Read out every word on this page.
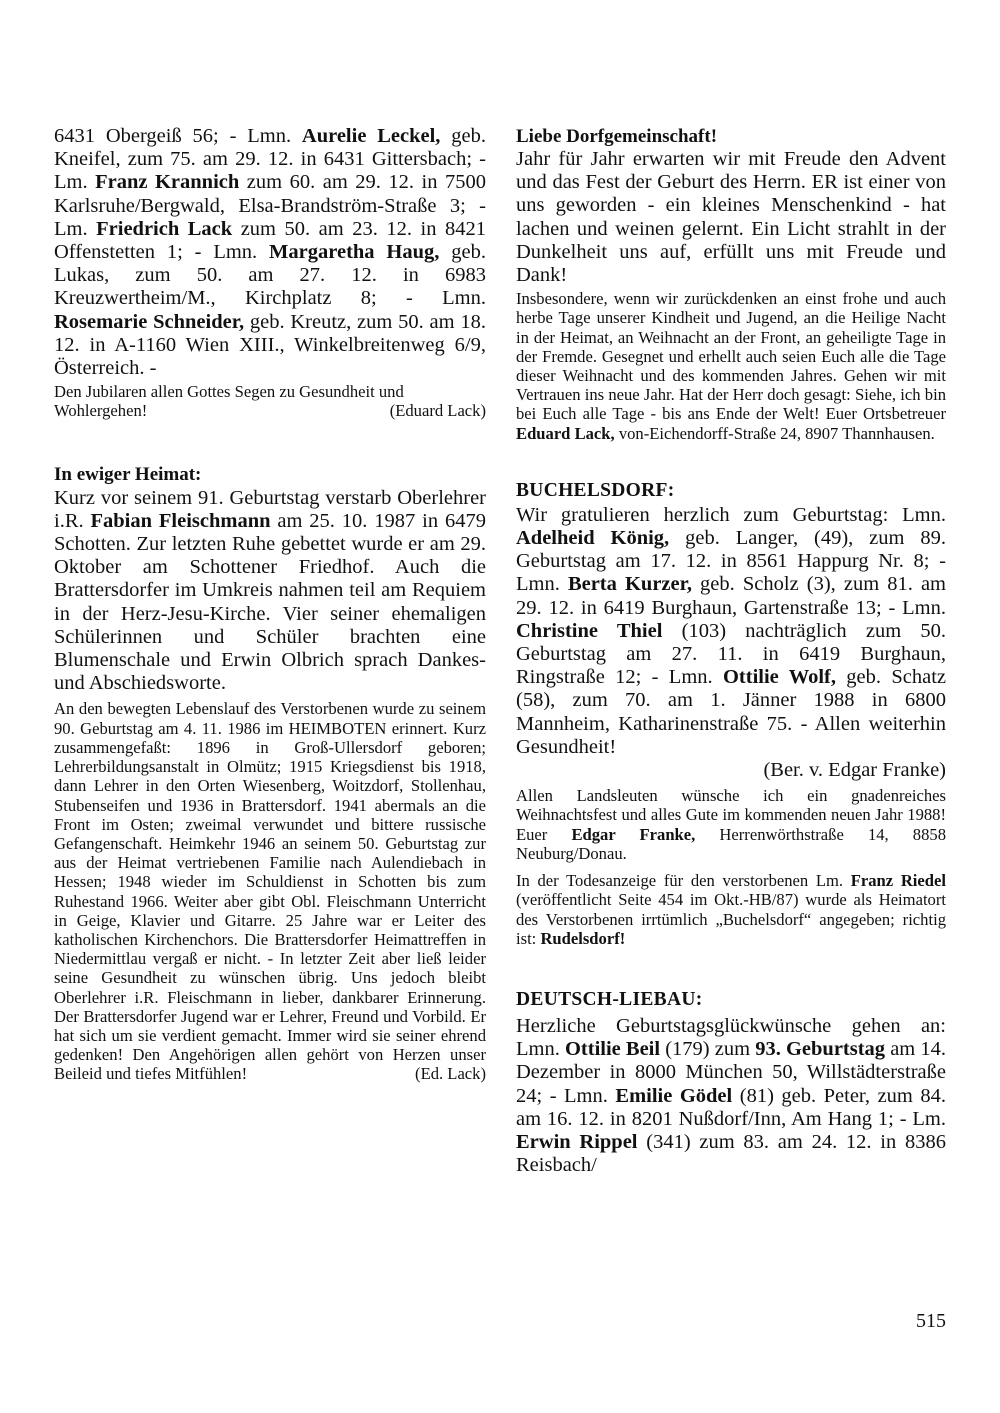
6431 Obergeiß 56; - Lmn. Aurelie Leckel, geb. Kneifel, zum 75. am 29. 12. in 6431 Gittersbach; - Lm. Franz Krannich zum 60. am 29. 12. in 7500 Karlsruhe/Bergwald, Elsa-Brandström-Straße 3; - Lm. Friedrich Lack zum 50. am 23. 12. in 8421 Offenstetten 1; - Lmn. Margaretha Haug, geb. Lukas, zum 50. am 27. 12. in 6983 Kreuzwertheim/M., Kirchplatz 8; - Lmn. Rosemarie Schneider, geb. Kreutz, zum 50. am 18. 12. in A-1160 Wien XIII., Winkelbreitenweg 6/9, Österreich. -

Den Jubilaren allen Gottes Segen zu Gesundheit und Wohlergehen!	(Eduard Lack)

In ewiger Heimat:

Kurz vor seinem 91. Geburtstag verstarb Oberlehrer i.R. Fabian Fleischmann am 25. 10. 1987 in 6479 Schotten. Zur letzten Ruhe gebettet wurde er am 29. Oktober am Schottener Friedhof. Auch die Brattersdorfer im Umkreis nahmen teil am Requiem in der Herz-Jesu-Kirche. Vier seiner ehemaligen Schülerinnen und Schüler brachten eine Blumenschale und Erwin Olbrich sprach Dankes- und Abschiedsworte.

An den bewegten Lebenslauf des Verstorbenen wurde zu seinem 90. Geburtstag am 4. 11. 1986 im HEIMBOTEN erinnert. Kurz zusammengefaßt: 1896 in Groß-Ullersdorf geboren; Lehrerbildungsanstalt in Olmütz; 1915 Kriegsdienst bis 1918, dann Lehrer in den Orten Wiesenberg, Woitzdorf, Stollenhau, Stubenseifen und 1936 in Brattersdorf. 1941 abermals an die Front im Osten; zweimal verwundet und bittere russische Gefangenschaft. Heimkehr 1946 an seinem 50. Geburtstag zur aus der Heimat vertriebenen Familie nach Aulendiebach in Hessen; 1948 wieder im Schuldienst in Schotten bis zum Ruhestand 1966. Weiter aber gibt Obl. Fleischmann Unterricht in Geige, Klavier und Gitarre. 25 Jahre war er Leiter des katholischen Kirchenchors. Die Brattersdorfer Heimattreffen in Niedermittlau vergaß er nicht. - In letzter Zeit aber ließ leider seine Gesundheit zu wünschen übrig. Uns jedoch bleibt Oberlehrer i.R. Fleischmann in lieber, dankbarer Erinnerung. Der Brattersdorfer Jugend war er Lehrer, Freund und Vorbild. Er hat sich um sie verdient gemacht. Immer wird sie seiner ehrend gedenken! Den Angehörigen allen gehört von Herzen unser Beileid und tiefes Mitfühlen!	(Ed. Lack)

Liebe Dorfgemeinschaft!

Jahr für Jahr erwarten wir mit Freude den Advent und das Fest der Geburt des Herrn. ER ist einer von uns geworden - ein kleines Menschenkind - hat lachen und weinen gelernt. Ein Licht strahlt in der Dunkelheit uns auf, erfüllt uns mit Freude und Dank!

Insbesondere, wenn wir zurückdenken an einst frohe und auch herbe Tage unserer Kindheit und Jugend, an die Heilige Nacht in der Heimat, an Weihnacht an der Front, an geheiligte Tage in der Fremde. Gesegnet und erhellt auch seien Euch alle die Tage dieser Weihnacht und des kommenden Jahres. Gehen wir mit Vertrauen ins neue Jahr. Hat der Herr doch gesagt: Siehe, ich bin bei Euch alle Tage - bis ans Ende der Welt! Euer Ortsbetreuer Eduard Lack, von-Eichendorff-Straße 24, 8907 Thannhausen.

BUCHELSDORF:

Wir gratulieren herzlich zum Geburtstag: Lmn. Adelheid König, geb. Langer, (49), zum 89. Geburtstag am 17. 12. in 8561 Happurg Nr. 8; - Lmn. Berta Kurzer, geb. Scholz (3), zum 81. am 29. 12. in 6419 Burghaun, Gartenstraße 13; - Lmn. Christine Thiel (103) nachträglich zum 50. Geburtstag am 27. 11. in 6419 Burghaun, Ringstraße 12; - Lmn. Ottilie Wolf, geb. Schatz (58), zum 70. am 1. Jänner 1988 in 6800 Mannheim, Katharinenstraße 75. - Allen weiterhin Gesundheit!

(Ber. v. Edgar Franke)

Allen Landsleuten wünsche ich ein gnadenreiches Weihnachtsfest und alles Gute im kommenden neuen Jahr 1988! Euer Edgar Franke, Herrenwörthstraße 14, 8858 Neuburg/Donau.

In der Todesanzeige für den verstorbenen Lm. Franz Riedel (veröffentlicht Seite 454 im Okt.-HB/87) wurde als Heimatort des Verstorbenen irrtümlich „Buchelsdorf“ angegeben; richtig ist: Rudelsdorf!

DEUTSCH-LIEBAU:

Herzliche Geburtstagsglückwünsche gehen an: Lmn. Ottilie Beil (179) zum 93. Geburtstag am 14. Dezember in 8000 München 50, Willstädterstraße 24; - Lmn. Emilie Gödel (81) geb. Peter, zum 84. am 16. 12. in 8201 Nußdorf/Inn, Am Hang 1; - Lm. Erwin Rippel (341) zum 83. am 24. 12. in 8386 Reisbach/

515
